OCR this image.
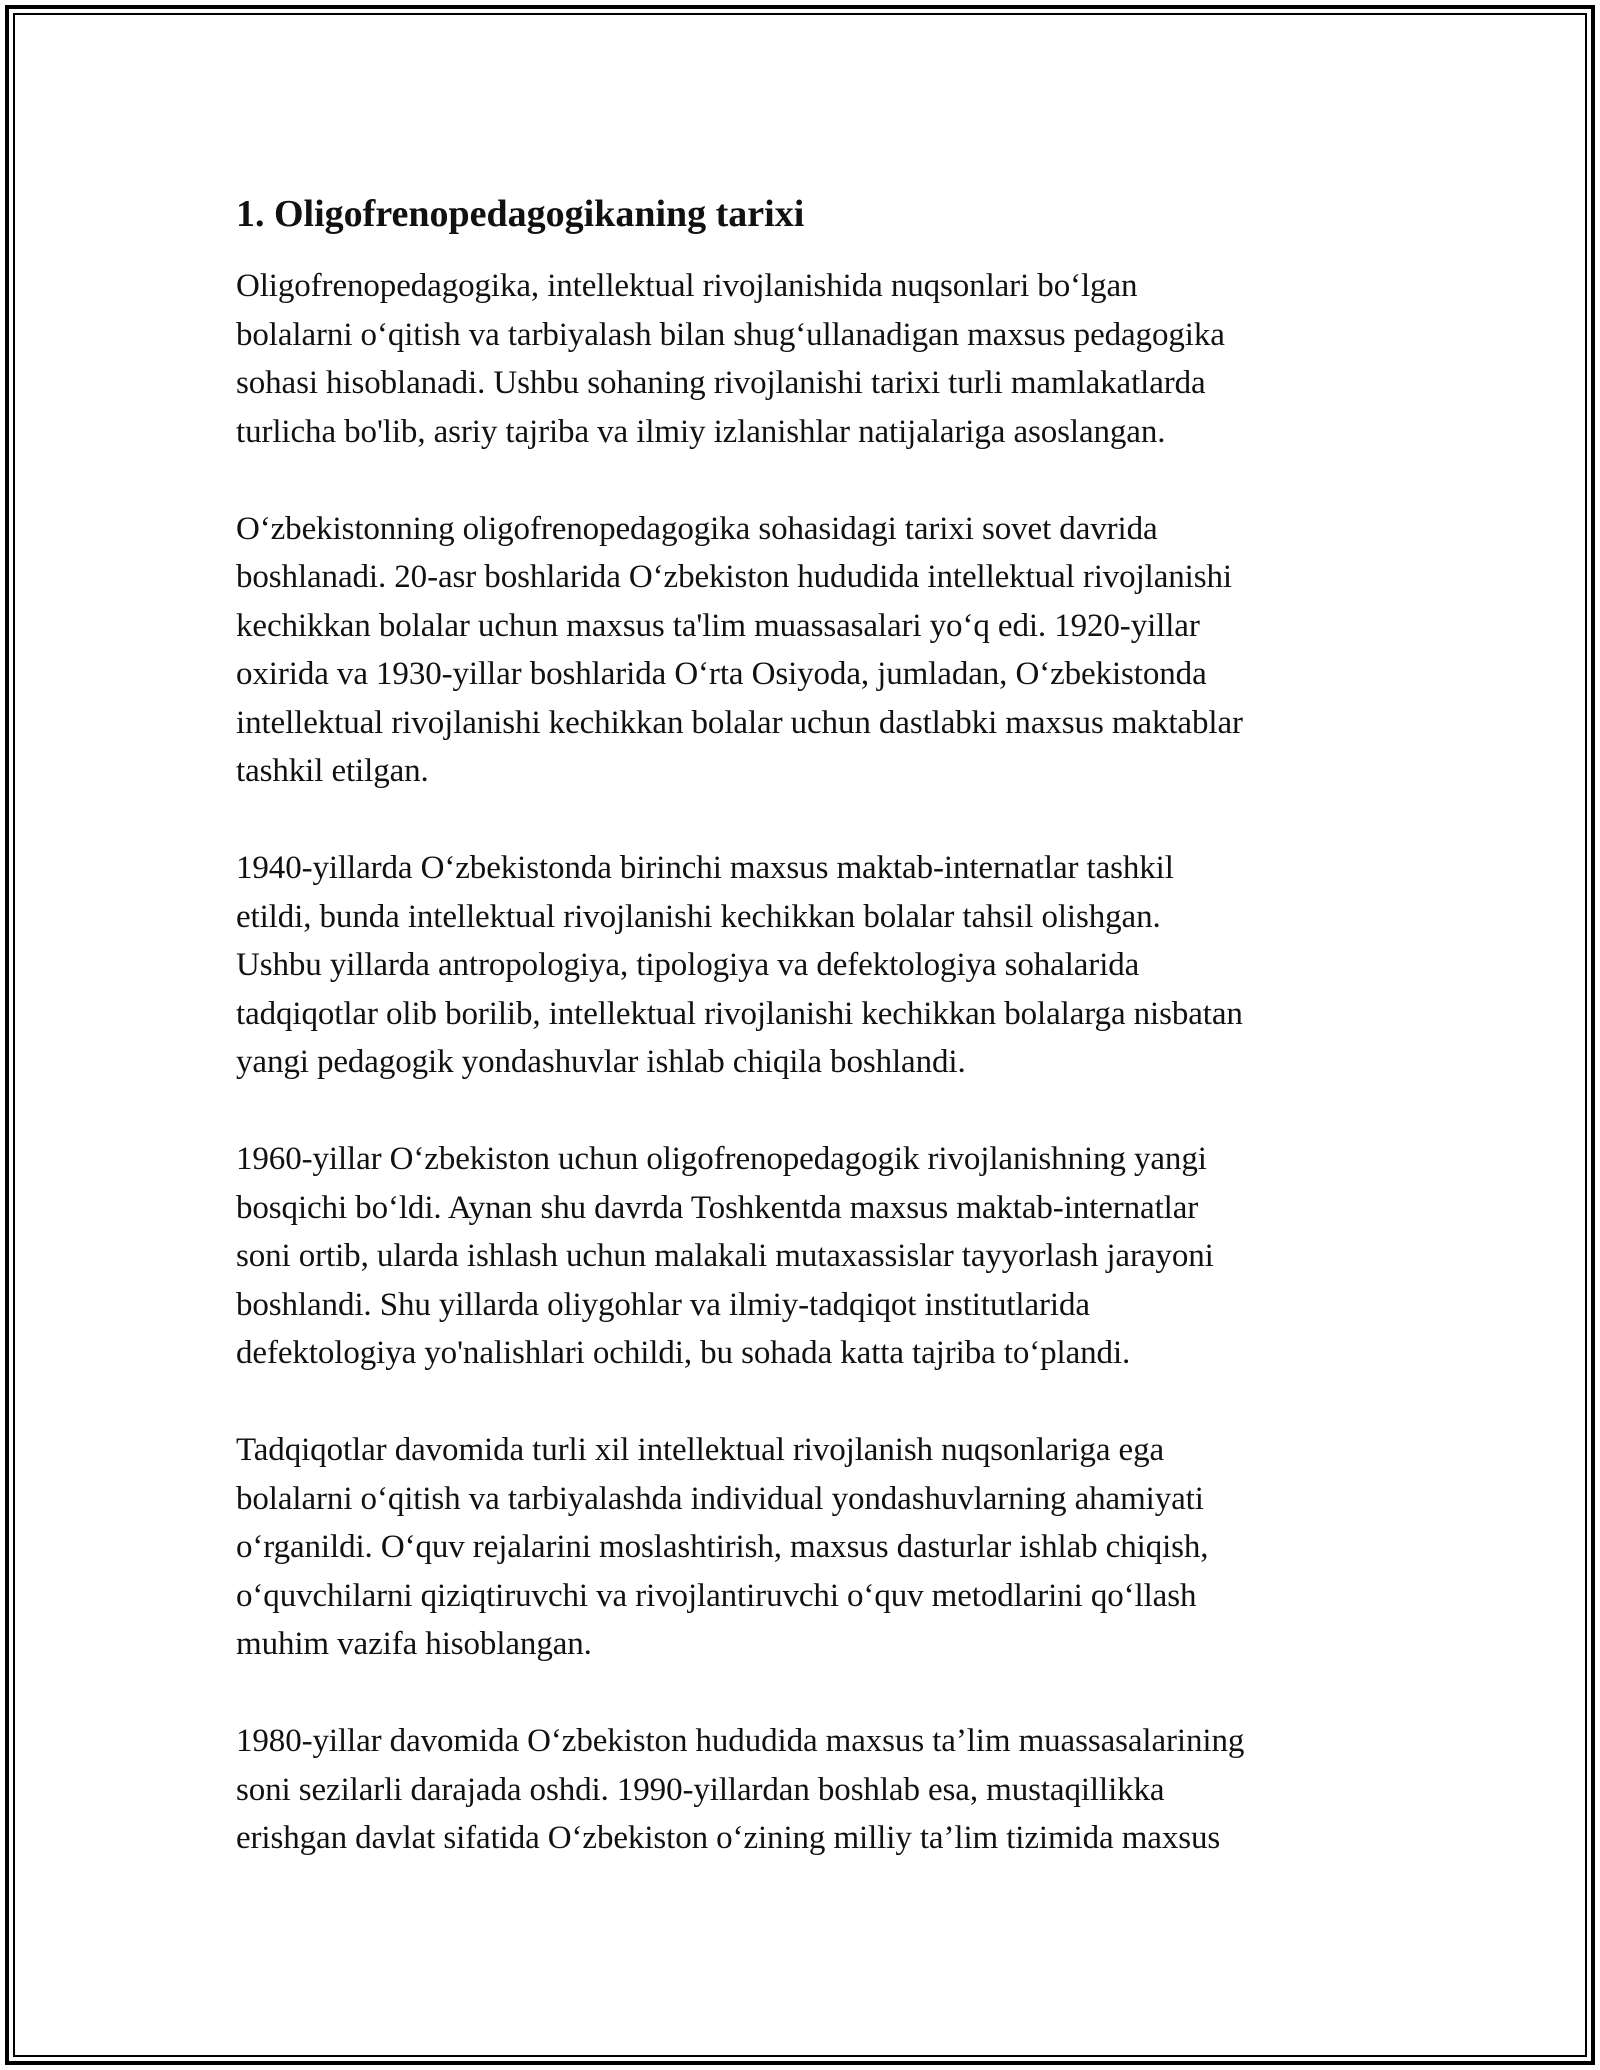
1. Oligofrenopedagogikaning tarixi
Oligofrenopedagogika, intellektual rivojlanishida nuqsonlari bo‘lgan
bolalarni o‘qitish va tarbiyalash bilan shug‘ullanadigan maxsus pedagogika
sohasi hisoblanadi. Ushbu sohaning rivojlanishi tarixi turli mamlakatlarda
turlicha bo'lib, asriy tajriba va ilmiy izlanishlar natijalariga asoslangan.
O‘zbekistonning oligofrenopedagogika sohasidagi tarixi sovet davrida
boshlanadi. 20-asr boshlarida O‘zbekiston hududida intellektual rivojlanishi
kechikkan bolalar uchun maxsus ta'lim muassasalari yo‘q edi. 1920-yillar
oxirida va 1930-yillar boshlarida O‘rta Osiyoda, jumladan, O‘zbekistonda
intellektual rivojlanishi kechikkan bolalar uchun dastlabki maxsus maktablar
tashkil etilgan.
1940-yillarda O‘zbekistonda birinchi maxsus maktab-internatlar tashkil
etildi, bunda intellektual rivojlanishi kechikkan bolalar tahsil olishgan.
Ushbu yillarda antropologiya, tipologiya va defektologiya sohalarida
tadqiqotlar olib borilib, intellektual rivojlanishi kechikkan bolalarga nisbatan
yangi pedagogik yondashuvlar ishlab chiqila boshlandi.
1960-yillar O‘zbekiston uchun oligofrenopedagogik rivojlanishning yangi
bosqichi bo‘ldi. Aynan shu davrda Toshkentda maxsus maktab-internatlar
soni ortib, ularda ishlash uchun malakali mutaxassislar tayyorlash jarayoni
boshlandi. Shu yillarda oliygohlar va ilmiy-tadqiqot institutlarida
defektologiya yo'nalishlari ochildi, bu sohada katta tajriba to‘plandi.
Tadqiqotlar davomida turli xil intellektual rivojlanish nuqsonlariga ega
bolalarni o‘qitish va tarbiyalashda individual yondashuvlarning ahamiyati
o‘rganildi. O‘quv rejalarini moslashtirish, maxsus dasturlar ishlab chiqish,
o‘quvchilarni qiziqtiruvchi va rivojlantiruvchi o‘quv metodlarini qo‘llash
muhim vazifa hisoblangan.
1980-yillar davomida O‘zbekiston hududida maxsus ta’lim muassasalarining
soni sezilarli darajada oshdi. 1990-yillardan boshlab esa, mustaqillikka
erishgan davlat sifatida O‘zbekiston o‘zining milliy ta’lim tizimida maxsus
